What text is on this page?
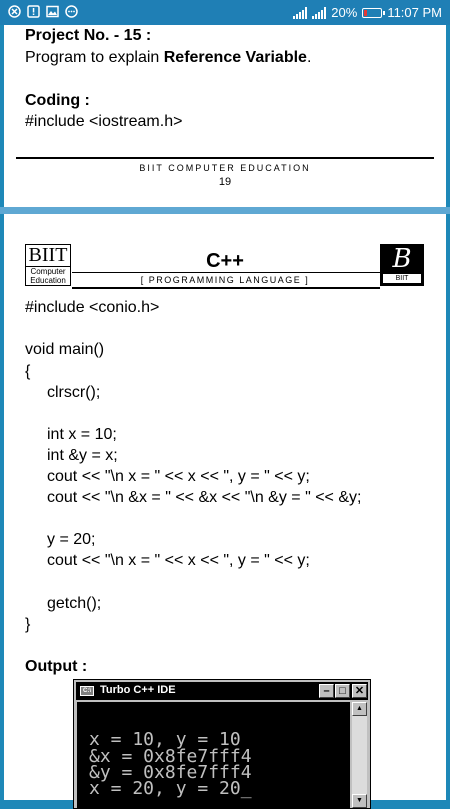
20% 11:07 PM
Project No. - 15 :
Program to explain Reference Variable.
Coding :
#include <iostream.h>
BIIT COMPUTER EDUCATION
19
BIIT
Computer
Education
C++
[ PROGRAMMING LANGUAGE ]
B
BIIT
#include <conio.h>
void main()
{
clrscr();
int x = 10;
int &y = x;
cout << "\n x = " << x << ", y = " << y;
cout << "\n &x = " << &x << "\n &y = " << &y;
y = 20;
cout << "\n x = " << x << ", y = " << y;
getch();
}
Output :
C:\ Turbo C++ IDE	– □ ✕
x = 10, y = 10
&x = 0x8fe7fff4
&y = 0x8fe7fff4
x = 20, y = 20_
▲
▼
